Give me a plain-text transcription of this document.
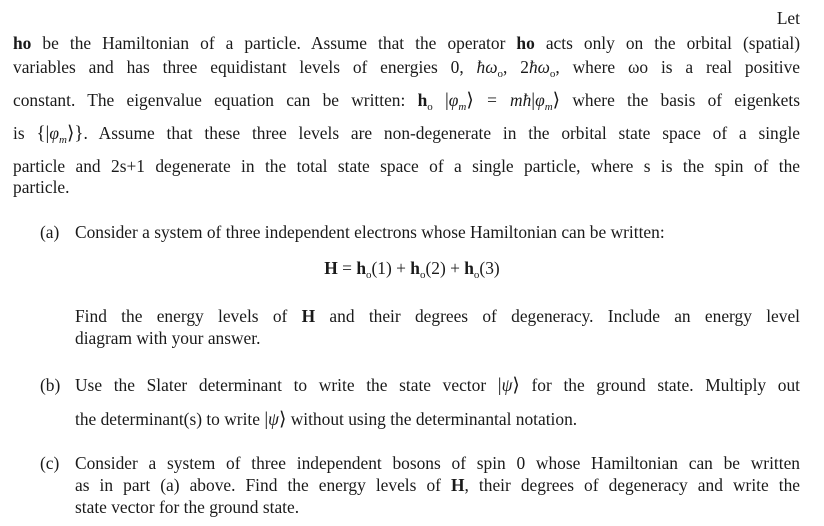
Let
ho be the Hamiltonian of a particle. Assume that the operator ho acts only on the orbital (spatial)
variables and has three equidistant levels of energies 0, $ħ\omega_o$, $2ħ\omega_o$, where ωo is a real positive
constant. The eigenvalue equation can be written: $h_o$ $|\varphi_m⟩$ = $mħ|\varphi_m⟩$ where the basis of eigenkets
is $\{|\varphi_m⟩\}$. Assume that these three levels are non-degenerate in the orbital state space of a single
particle and 2s+1 degenerate in the total state space of a single particle, where s is the spin of the
particle.
(a) Consider a system of three independent electrons whose Hamiltonian can be written:
$H = h_o(1) + h_o(2) + h_o(3)$
Find the energy levels of H and their degrees of degeneracy. Include an energy level
diagram with your answer.
(b) Use the Slater determinant to write the state vector |ψ⟩ for the ground state. Multiply out
the determinant(s) to write |ψ⟩ without using the determinantal notation.
(c) Consider a system of three independent bosons of spin 0 whose Hamiltonian can be written
as in part (a) above. Find the energy levels of H, their degrees of degeneracy and write the
state vector for the ground state.
